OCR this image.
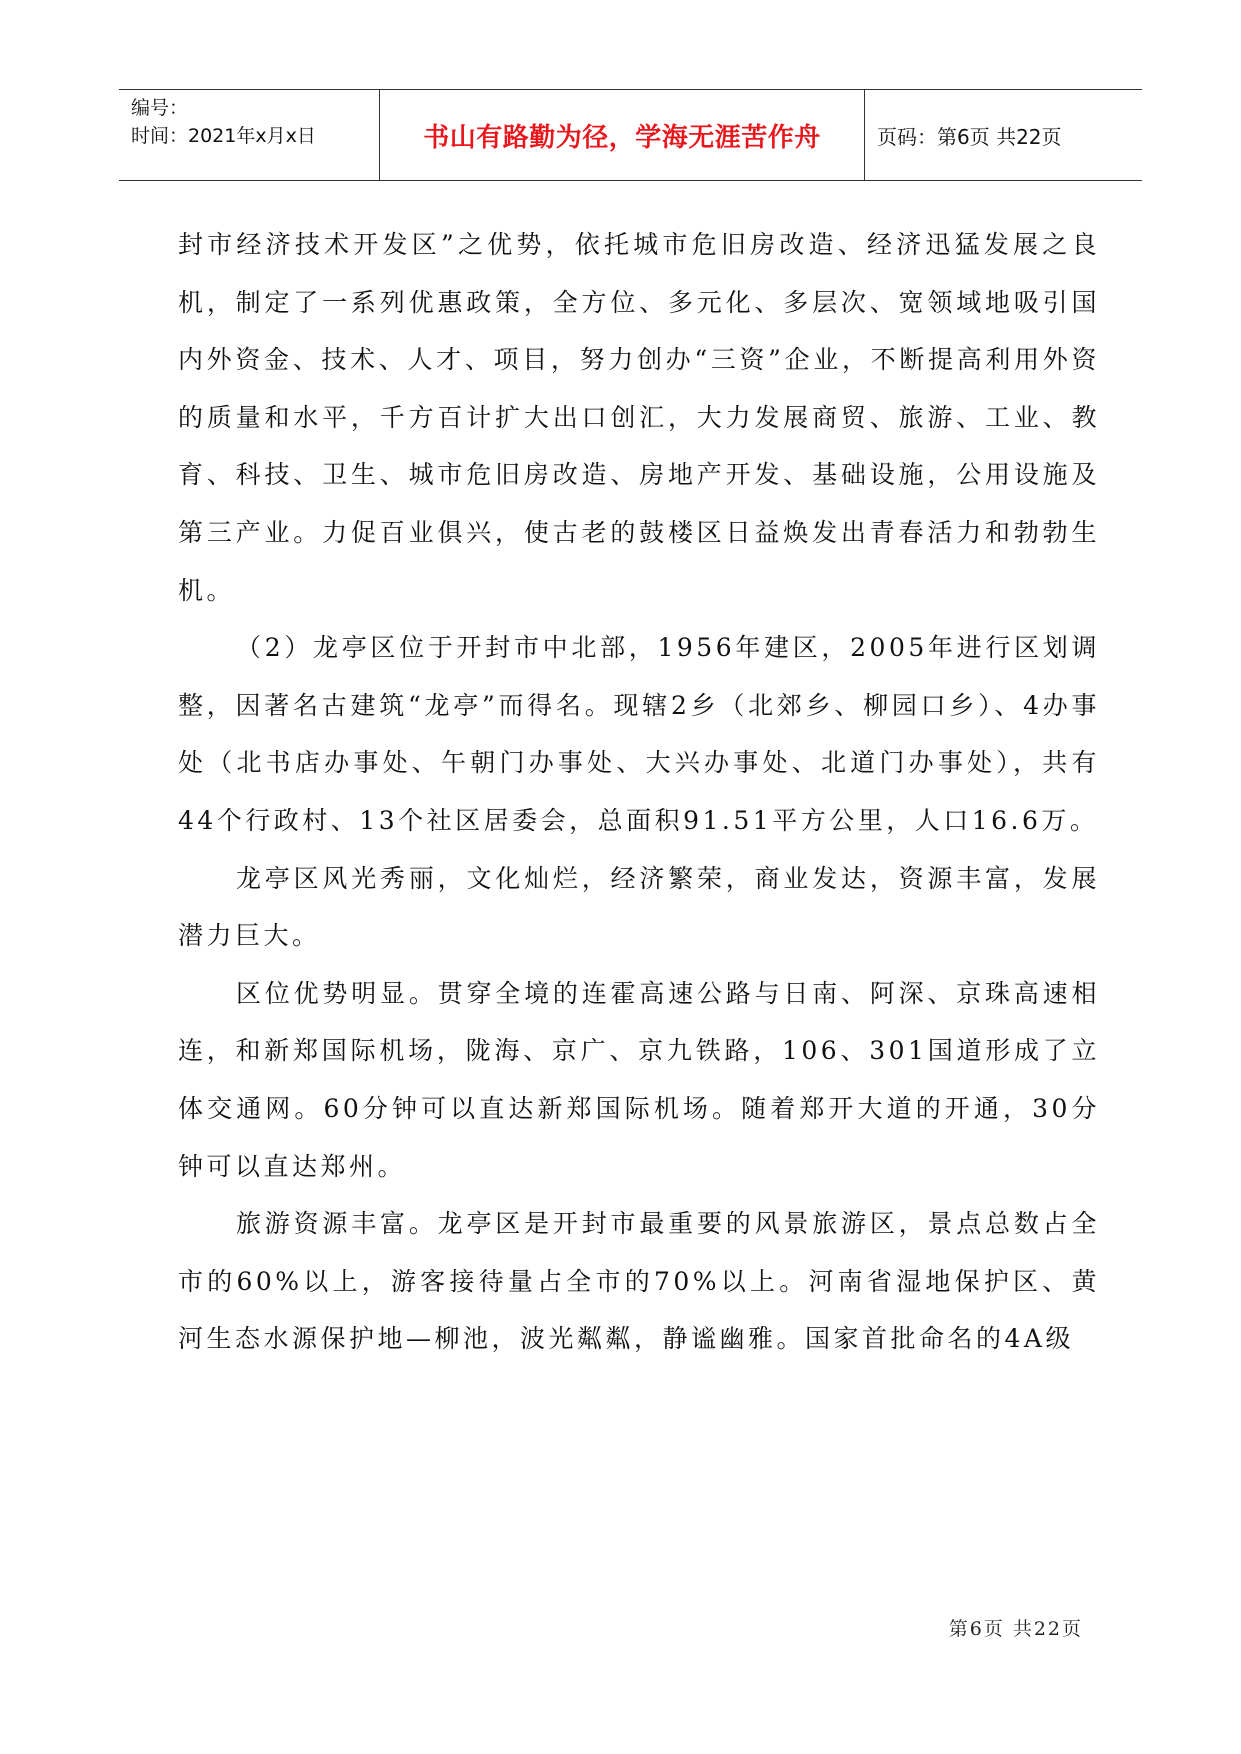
编号：
时间：2021年x月x日	书山有路勤为径，学海无涯苦作舟	页码：第6页 共22页

封市经济技术开发区”之优势，依托城市危旧房改造、经济迅猛发展之良机，制定了一系列优惠政策，全方位、多元化、多层次、宽领域地吸引国内外资金、技术、人才、项目，努力创办“三资”企业，不断提高利用外资的质量和水平，千方百计扩大出口创汇，大力发展商贸、旅游、工业、教育、科技、卫生、城市危旧房改造、房地产开发、基础设施，公用设施及第三产业。力促百业俱兴，使古老的鼓楼区日益焕发出青春活力和勃勃生机。

（2）龙亭区位于开封市中北部，1956年建区，2005年进行区划调整，因著名古建筑“龙亭”而得名。现辖2乡（北郊乡、柳园口乡）、4办事处（北书店办事处、午朝门办事处、大兴办事处、北道门办事处），共有44个行政村、13个社区居委会，总面积91.51平方公里，人口16.6万。

龙亭区风光秀丽，文化灿烂，经济繁荣，商业发达，资源丰富，发展潜力巨大。

区位优势明显。贯穿全境的连霍高速公路与日南、阿深、京珠高速相连，和新郑国际机场，陇海、京广、京九铁路，106、301国道形成了立体交通网。60分钟可以直达新郑国际机场。随着郑开大道的开通，30分钟可以直达郑州。

旅游资源丰富。龙亭区是开封市最重要的风景旅游区，景点总数占全市的60%以上，游客接待量占全市的70%以上。河南省湿地保护区、黄河生态水源保护地—柳池，波光粼粼，静谧幽雅。国家首批命名的4A级

第6页 共22页
